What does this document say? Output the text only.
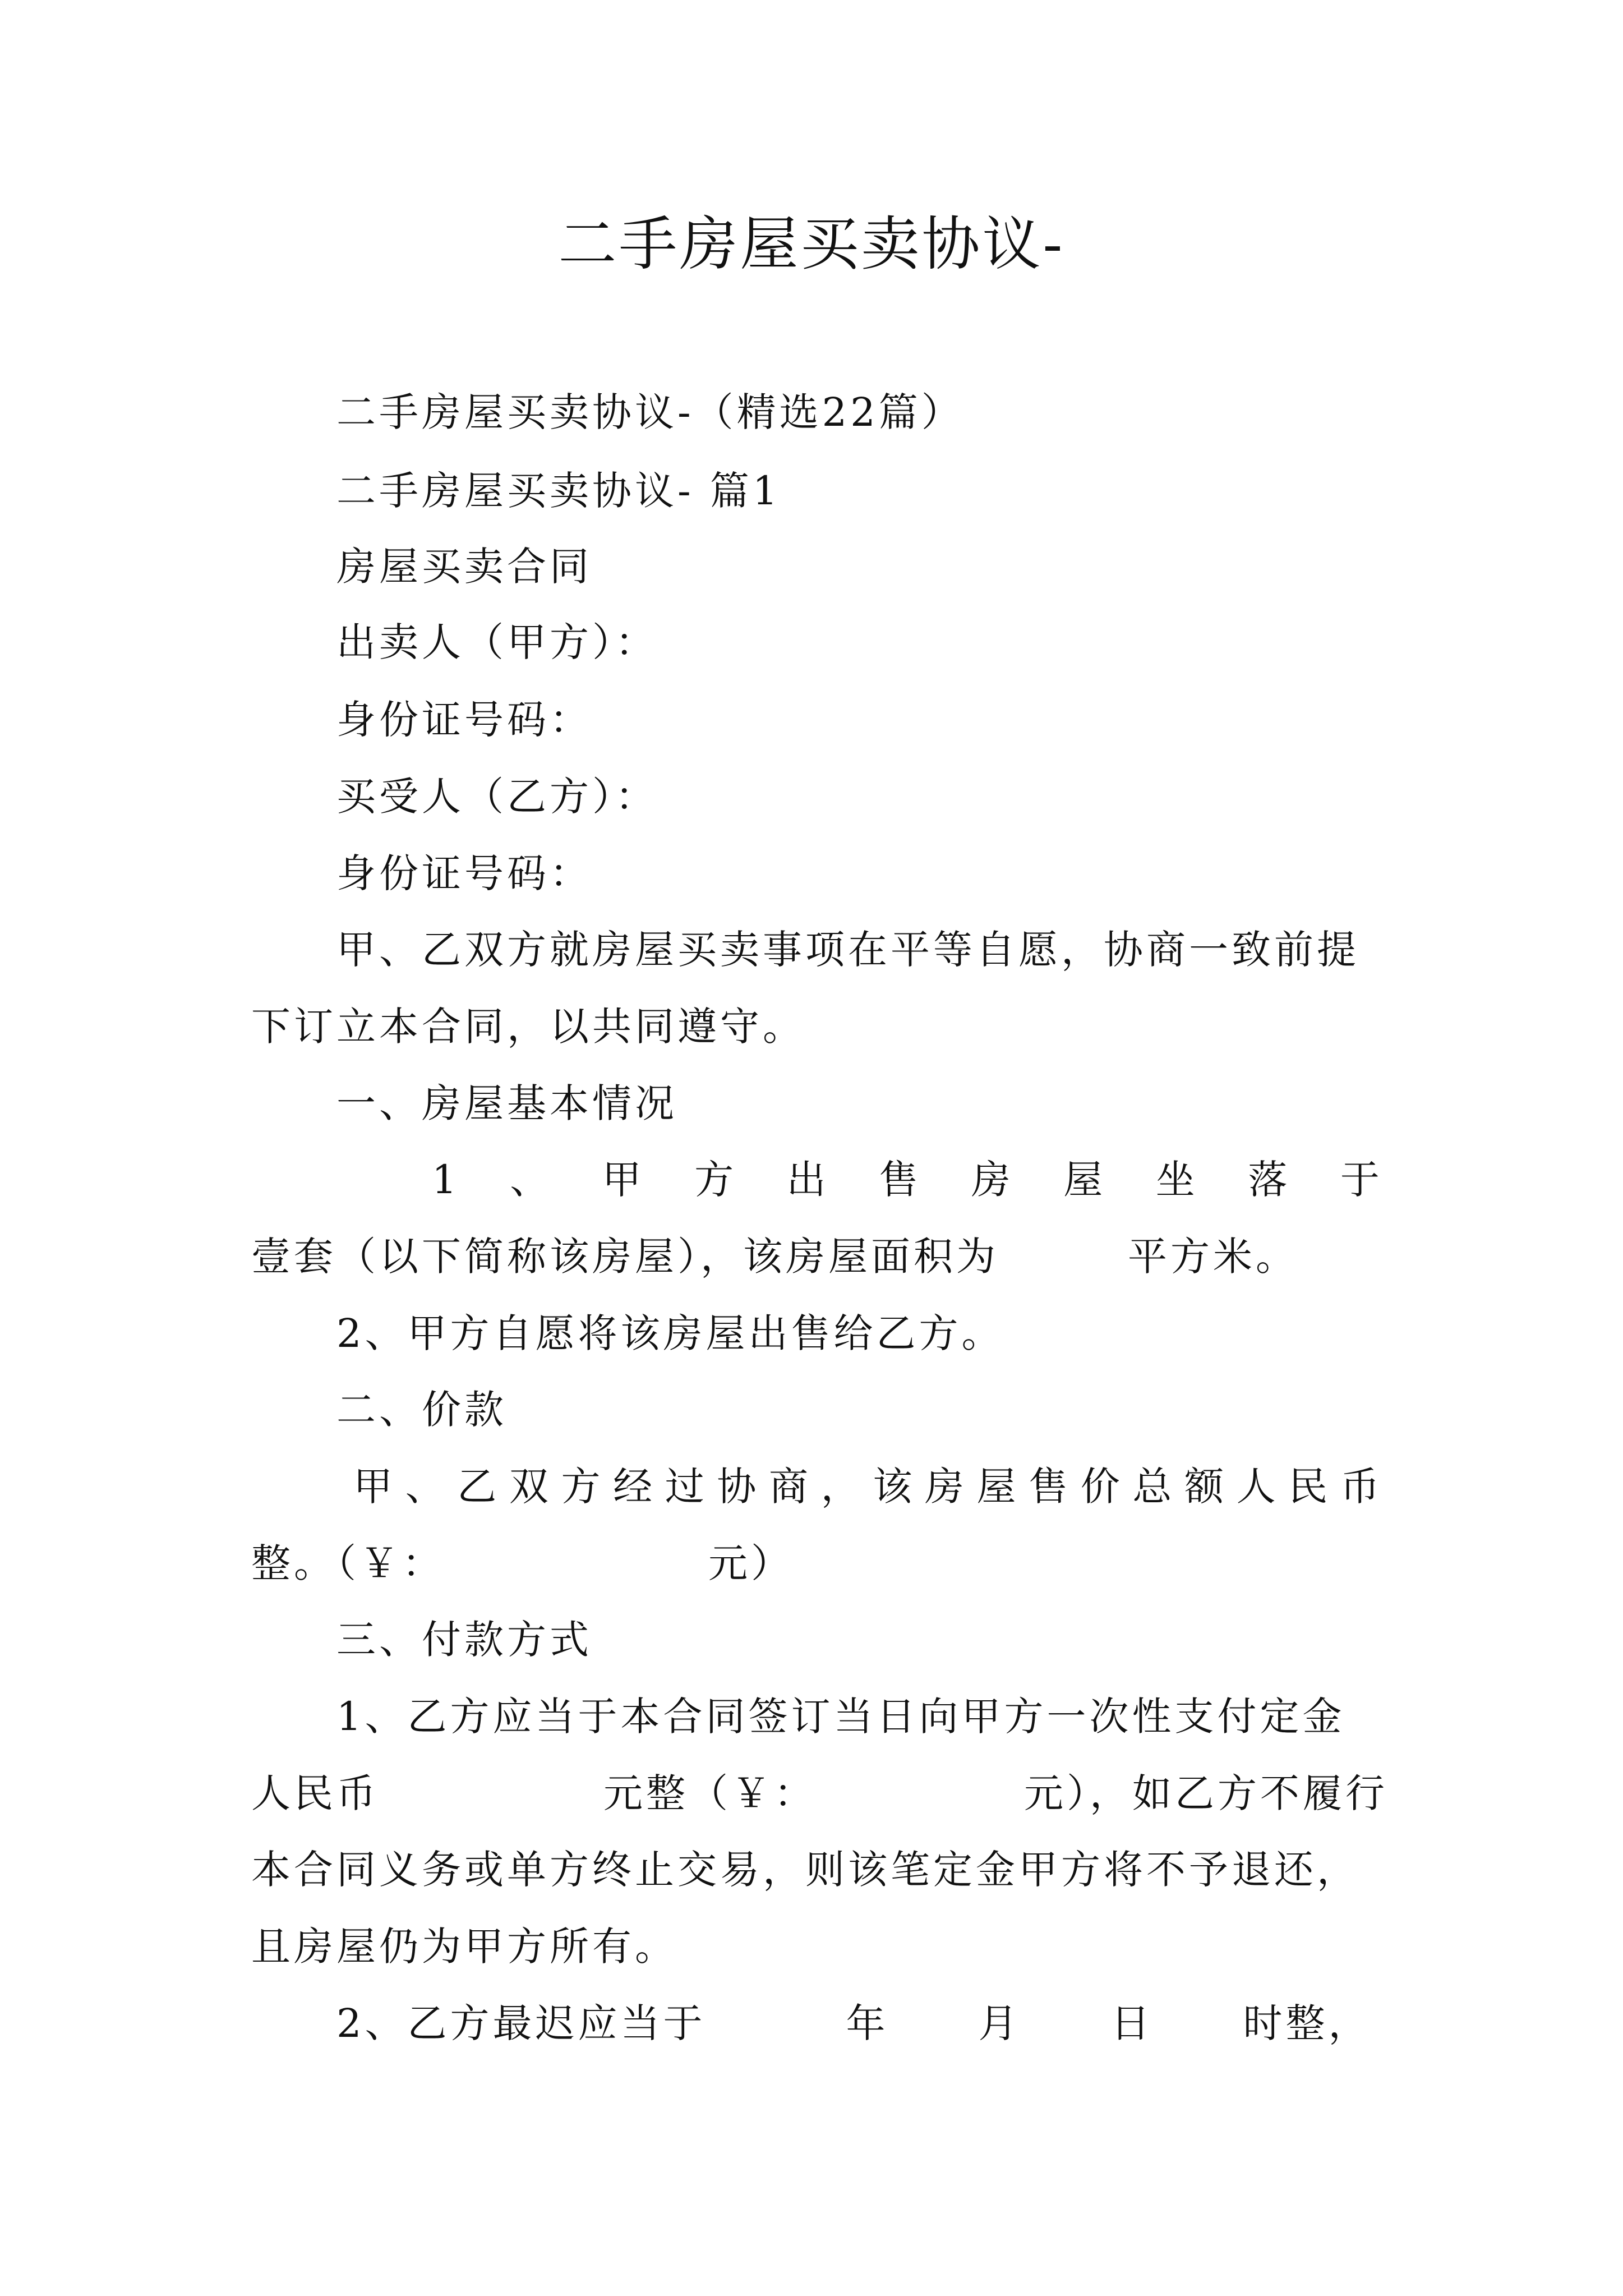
二手房屋买卖协议-
二手房屋买卖协议-（精选22篇）
二手房屋买卖协议- 篇1
房屋买卖合同
出卖人（甲方）：
身份证号码：
买受人（乙方）：
身份证号码：
甲、乙双方就房屋买卖事项在平等自愿，协商一致前提
下订立本合同，以共同遵守。
一、房屋基本情况
1 、 甲 方 出 售 房 屋 坐 落 于
壹套（以下简称该房屋），该房屋面积为	平方米。
2、甲方自愿将该房屋出售给乙方。
二、价款
甲 、 乙 双 方 经 过 协 商 ， 该 房 屋 售 价 总 额 人 民 币
整。（￥：	元）
三、付款方式
1、乙方应当于本合同签订当日向甲方一次性支付定金
人民币	元整（￥：	元），如乙方不履行
本合同义务或单方终止交易，则该笔定金甲方将不予退还，
且房屋仍为甲方所有。
2、乙方最迟应当于	年 月 日 时整，
